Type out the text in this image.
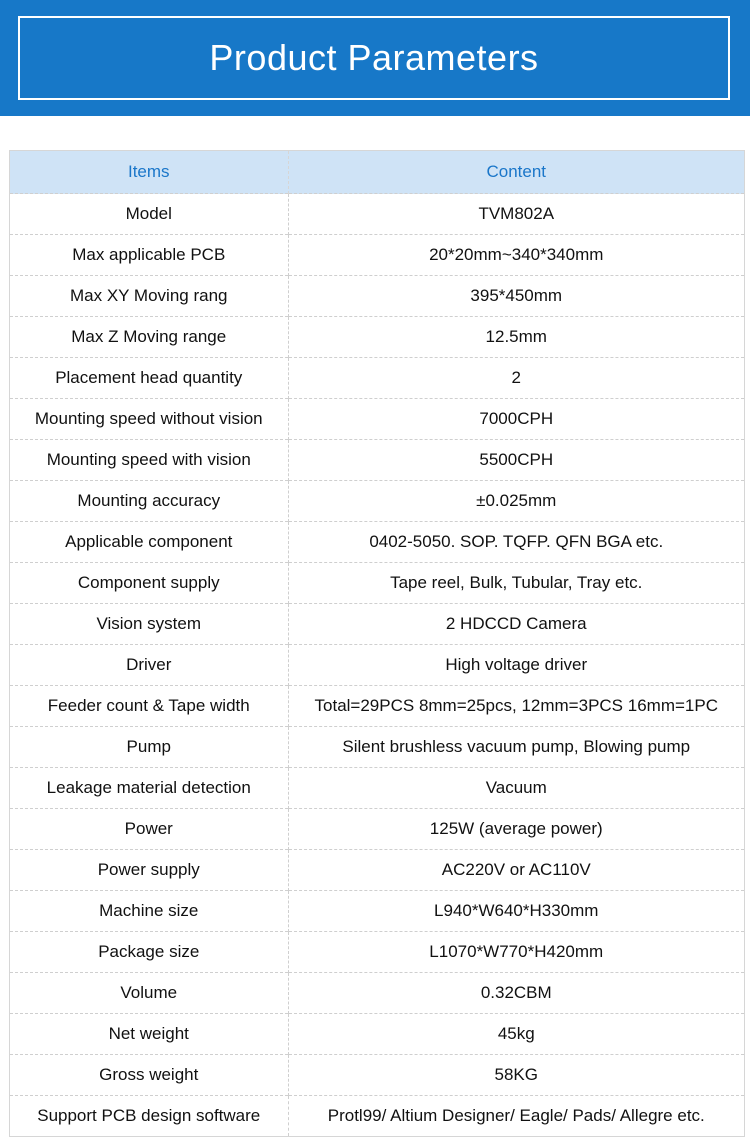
Product Parameters
Items	Content
Model	TVM802A
Max applicable PCB	20*20mm~340*340mm
Max XY Moving rang	395*450mm
Max Z Moving range	12.5mm
Placement head quantity	2
Mounting speed without vision	7000CPH
Mounting speed with vision	5500CPH
Mounting accuracy	±0.025mm
Applicable component	0402-5050. SOP. TQFP. QFN BGA etc.
Component supply	Tape reel, Bulk, Tubular, Tray etc.
Vision system	2 HDCCD Camera
Driver	High voltage driver
Feeder count & Tape width	Total=29PCS 8mm=25pcs, 12mm=3PCS 16mm=1PC
Pump	Silent brushless vacuum pump, Blowing pump
Leakage material detection	Vacuum
Power	125W (average power)
Power supply	AC220V or AC110V
Machine size	L940*W640*H330mm
Package size	L1070*W770*H420mm
Volume	0.32CBM
Net weight	45kg
Gross weight	58KG
Support PCB design software	Protl99/ Altium Designer/ Eagle/ Pads/ Allegre etc.
